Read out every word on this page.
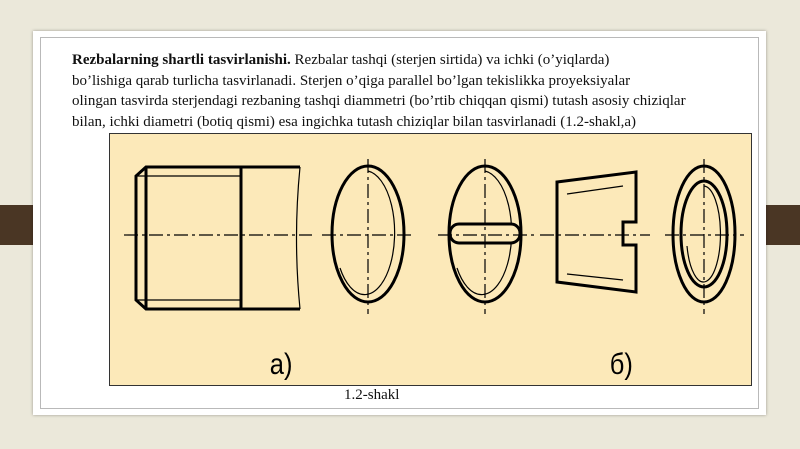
Rezbalarning shartli tasvirlanishi. Rezbalar tashqi (sterjen sirtida) va ichki (o’yiqlarda)
bo’lishiga qarab turlicha tasvirlanadi. Sterjen o’qiga parallel bo’lgan tekislikka proyeksiyalar
olingan tasvirda sterjendagi rezbaning tashqi diammetri (bo’rtib chiqqan qismi) tutash asosiy chiziqlar
bilan, ichki diametri (botiq qismi) esa ingichka tutash chiziqlar bilan tasvirlanadi (1.2-shakl,a)

а)	б)
1.2-shakl
